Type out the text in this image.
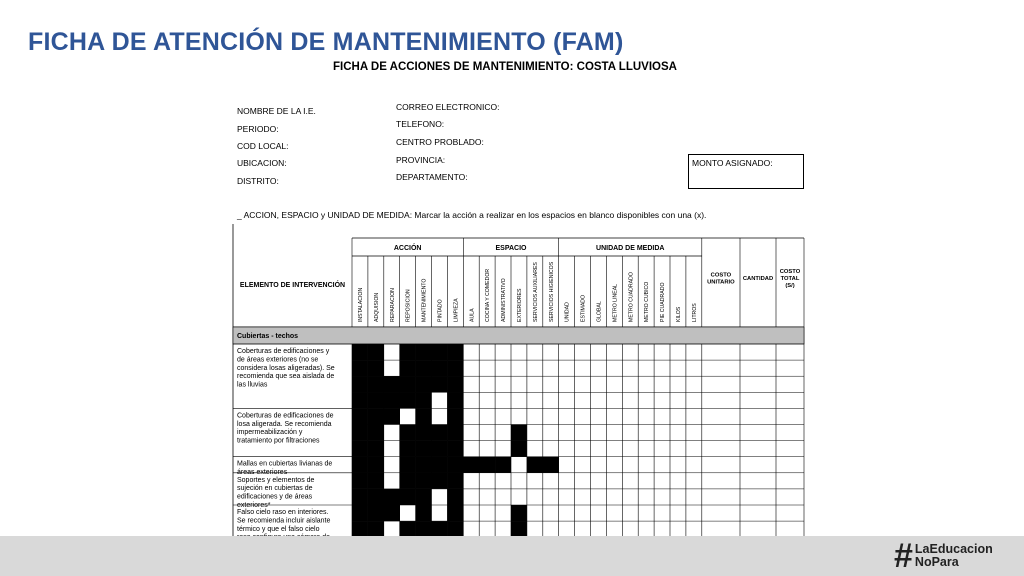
FICHA DE ATENCIÓN DE MANTENIMIENTO (FAM)
FICHA DE ACCIONES DE MANTENIMIENTO: COSTA LLUVIOSA
NOMBRE DE LA I.E.
PERIODO:
COD LOCAL:
UBICACION:
DISTRITO:
CORREO ELECTRONICO:
TELEFONO:
CENTRO PROBLADO:
PROVINCIA:
DEPARTAMENTO:
MONTO ASIGNADO:
_ ACCION, ESPACIO y UNIDAD DE MEDIDA: Marcar la acción a realizar en los espacios en blanco disponibles con una (x).
ELEMENTO DE INTERVENCIÓN
ACCIÓN	ESPACIO	UNIDAD DE MEDIDA
INSTALACION ADQUISION REPARACION REPOSICION MANTENIMIENTO PINTADO LIMPIEZA AULA COCINA Y COMEDOR ADMINISTRATIVO EXTERIORES SERVICIOS AUXILIARES SERVICIOS HIGIENICOS UNIDAD ESTIMADO GLOBAL METRO LINEAL METRO CUADRADO METRO CUBICO PIE CUADRADO KILOS LITROS
COSTO UNITARIO
CANTIDAD
COSTO TOTAL (S/)
Cubiertas - techos
Coberturas de edificaciones y de áreas exteriores (no se considera losas aligeradas). Se recomienda que sea aislada de las lluvias
Coberturas de edificaciones de losa aligerada. Se recomienda impermeabilización y tratamiento por filtraciones
Mallas en cubiertas livianas de áreas exteriores
Soportes y elementos de sujeción en cubiertas de edificaciones y de áreas exteriores*
Falso cielo raso en interiores. Se recomienda incluir aislante térmico y que el falso cielo
# LaEducacion
NoPara
